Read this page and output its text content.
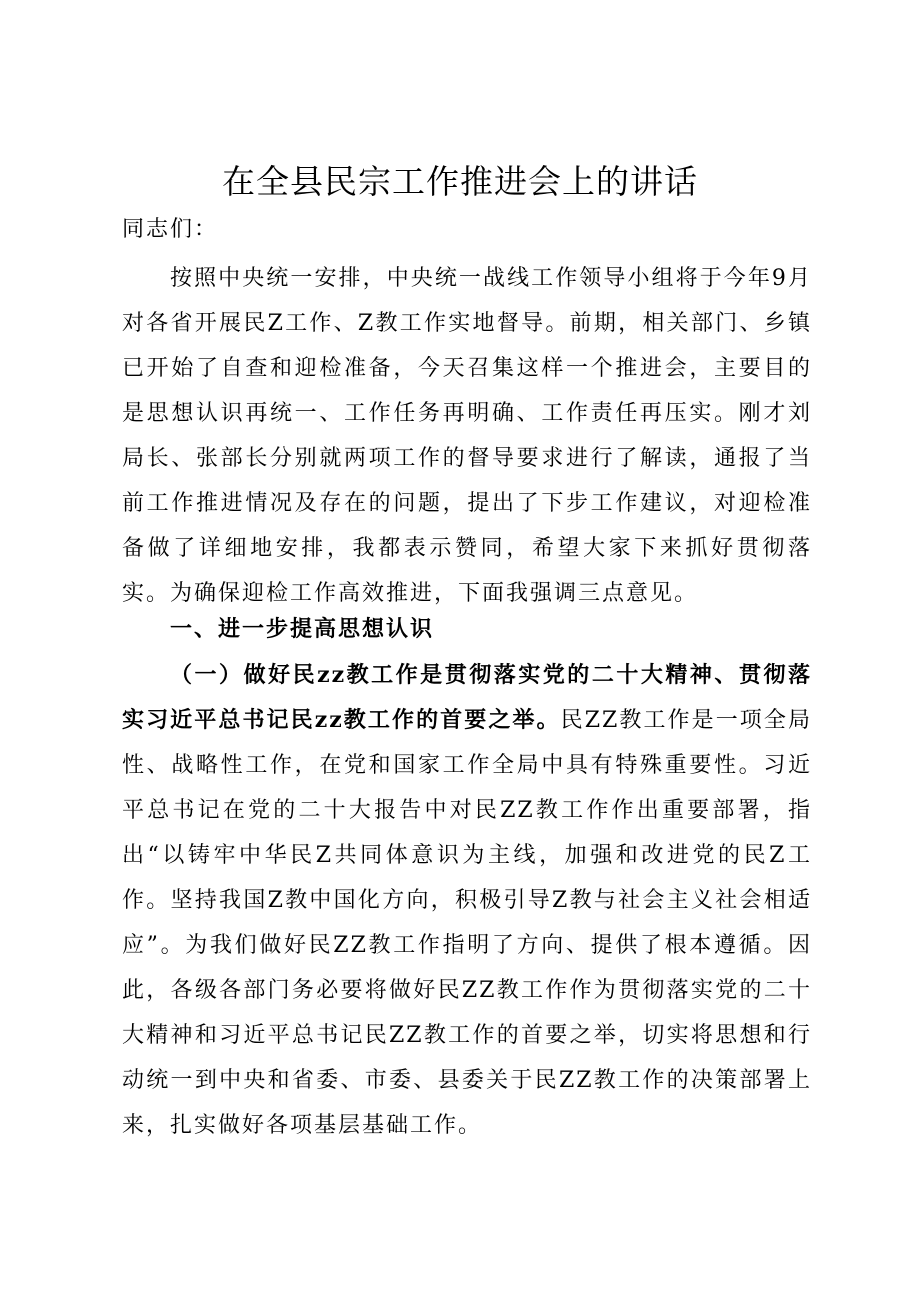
在全县民宗工作推进会上的讲话

同志们：

按照中央统一安排，中央统一战线工作领导小组将于今年9月对各省开展民Z工作、Z教工作实地督导。前期，相关部门、乡镇已开始了自查和迎检准备，今天召集这样一个推进会，主要目的是思想认识再统一、工作任务再明确、工作责任再压实。刚才刘局长、张部长分别就两项工作的督导要求进行了解读，通报了当前工作推进情况及存在的问题，提出了下步工作建议，对迎检准备做了详细地安排，我都表示赞同，希望大家下来抓好贯彻落实。为确保迎检工作高效推进，下面我强调三点意见。

一、进一步提高思想认识

（一）做好民zz教工作是贯彻落实党的二十大精神、贯彻落实习近平总书记民zz教工作的首要之举。民ZZ教工作是一项全局性、战略性工作，在党和国家工作全局中具有特殊重要性。习近平总书记在党的二十大报告中对民ZZ教工作作出重要部署，指出“以铸牢中华民Z共同体意识为主线，加强和改进党的民Z工作。坚持我国Z教中国化方向，积极引导Z教与社会主义社会相适应”。为我们做好民ZZ教工作指明了方向、提供了根本遵循。因此，各级各部门务必要将做好民ZZ教工作作为贯彻落实党的二十大精神和习近平总书记民ZZ教工作的首要之举，切实将思想和行动统一到中央和省委、市委、县委关于民ZZ教工作的决策部署上来，扎实做好各项基层基础工作。
